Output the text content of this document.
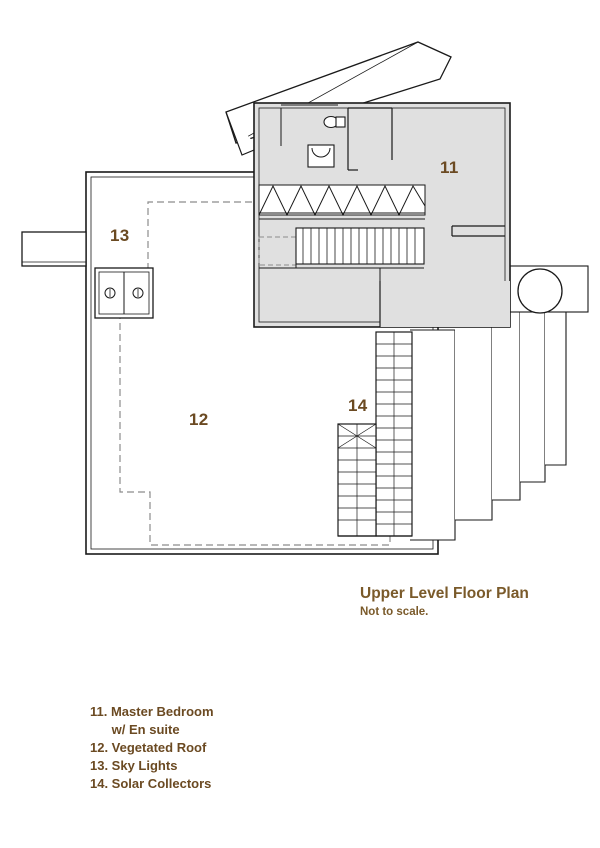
11
13
12
14
Upper Level Floor Plan
Not to scale.
11. Master Bedroom
w/ En suite
12. Vegetated Roof
13. Sky Lights
14. Solar Collectors
